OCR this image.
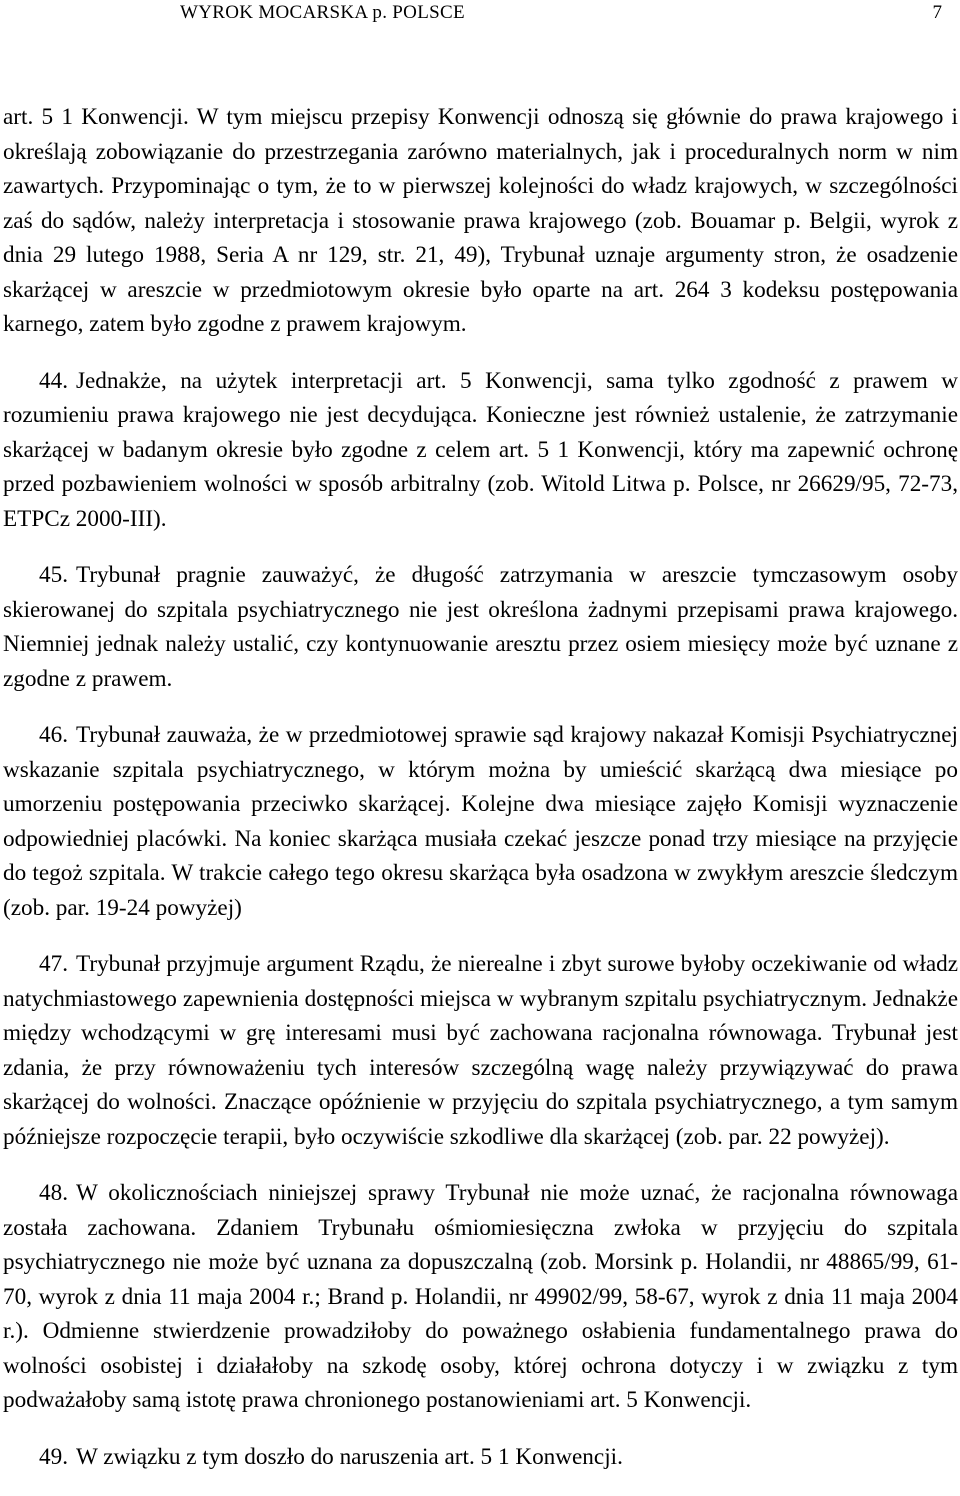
WYROK MOCARSKA p. POLSCE	7

art. 5 1 Konwencji. W tym miejscu przepisy Konwencji odnoszą się głównie do prawa krajowego i określają zobowiązanie do przestrzegania zarówno materialnych, jak i proceduralnych norm w nim zawartych. Przypominając o tym, że to w pierwszej kolejności do władz krajowych, w szczególności zaś do sądów, należy interpretacja i stosowanie prawa krajowego (zob. Bouamar p. Belgii, wyrok z dnia 29 lutego 1988, Seria A nr 129, str. 21, 49), Trybunał uznaje argumenty stron, że osadzenie skarżącej w areszcie w przedmiotowym okresie było oparte na art. 264 3 kodeksu postępowania karnego, zatem było zgodne z prawem krajowym.

44. Jednakże, na użytek interpretacji art. 5 Konwencji, sama tylko zgodność z prawem w rozumieniu prawa krajowego nie jest decydująca. Konieczne jest również ustalenie, że zatrzymanie skarżącej w badanym okresie było zgodne z celem art. 5 1 Konwencji, który ma zapewnić ochronę przed pozbawieniem wolności w sposób arbitralny (zob. Witold Litwa p. Polsce, nr 26629/95, 72-73, ETPCz 2000-III).

45. Trybunał pragnie zauważyć, że długość zatrzymania w areszcie tymczasowym osoby skierowanej do szpitala psychiatrycznego nie jest określona żadnymi przepisami prawa krajowego. Niemniej jednak należy ustalić, czy kontynuowanie aresztu przez osiem miesięcy może być uznane z zgodne z prawem.

46. Trybunał zauważa, że w przedmiotowej sprawie sąd krajowy nakazał Komisji Psychiatrycznej wskazanie szpitala psychiatrycznego, w którym można by umieścić skarżącą dwa miesiące po umorzeniu postępowania przeciwko skarżącej. Kolejne dwa miesiące zajęło Komisji wyznaczenie odpowiedniej placówki. Na koniec skarżąca musiała czekać jeszcze ponad trzy miesiące na przyjęcie do tegoż szpitala. W trakcie całego tego okresu skarżąca była osadzona w zwykłym areszcie śledczym (zob. par. 19-24 powyżej)

47. Trybunał przyjmuje argument Rządu, że nierealne i zbyt surowe byłoby oczekiwanie od władz natychmiastowego zapewnienia dostępności miejsca w wybranym szpitalu psychiatrycznym. Jednakże między wchodzącymi w grę interesami musi być zachowana racjonalna równowaga. Trybunał jest zdania, że przy równoważeniu tych interesów szczególną wagę należy przywiązywać do prawa skarżącej do wolności. Znaczące opóźnienie w przyjęciu do szpitala psychiatrycznego, a tym samym późniejsze rozpoczęcie terapii, było oczywiście szkodliwe dla skarżącej (zob. par. 22 powyżej).

48. W okolicznościach niniejszej sprawy Trybunał nie może uznać, że racjonalna równowaga została zachowana. Zdaniem Trybunału ośmiomiesięczna zwłoka w przyjęciu do szpitala psychiatrycznego nie może być uznana za dopuszczalną (zob. Morsink p. Holandii, nr 48865/99, 61-70, wyrok z dnia 11 maja 2004 r.; Brand p. Holandii, nr 49902/99, 58-67, wyrok z dnia 11 maja 2004 r.). Odmienne stwierdzenie prowadziłoby do poważnego osłabienia fundamentalnego prawa do wolności osobistej i działałoby na szkodę osoby, której ochrona dotyczy i w związku z tym podważałoby samą istotę prawa chronionego postanowieniami art. 5 Konwencji.

49. W związku z tym doszło do naruszenia art. 5 1 Konwencji.
